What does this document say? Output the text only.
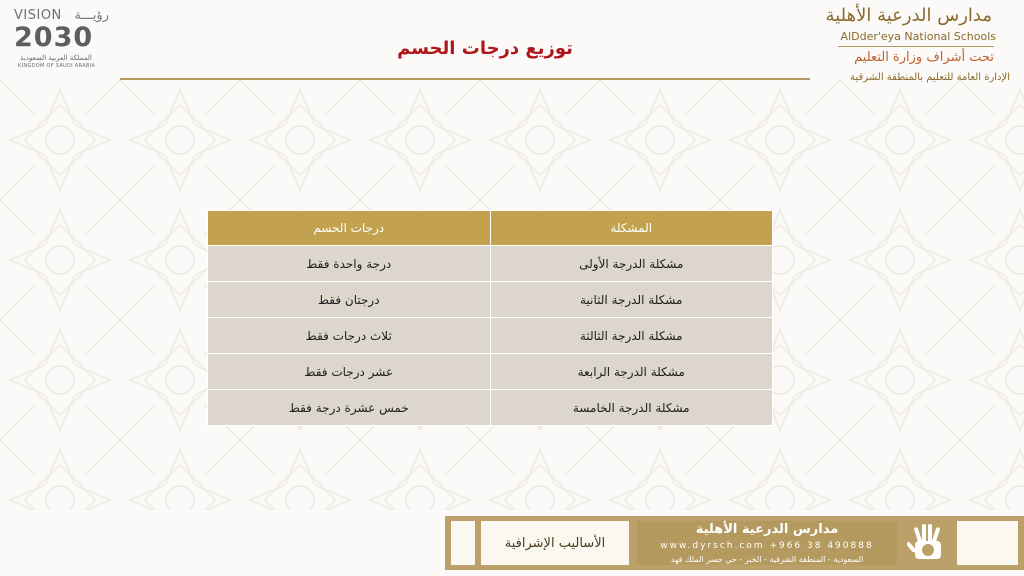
VISION رؤيـــة
2030
المملكة العربية السعودية
KINGDOM OF SAUDI ARABIA
توزيع درجات الحسم
مدارس الدرعية الأهلية
AlDder'eya National Schools
تحت أشراف وزارة التعليم
الإدارة العامة للتعليم بالمنطقة الشرقية
المشكلة	درجات الحسم
مشكلة الدرجة الأولى	درجة واحدة فقط
مشكلة الدرجة الثانية	درجتان فقط
مشكلة الدرجة الثالثة	ثلاث درجات فقط
مشكلة الدرجة الرابعة	عشر درجات فقط
مشكلة الدرجة الخامسة	خمس عشرة درجة فقط
الأساليب الإشرافية
مدارس الدرعية الأهلية
www.dyrsch.com +966 38 490888
السعودية - المنطقة الشرقية - الخبر - حي جسر الملك فهد
